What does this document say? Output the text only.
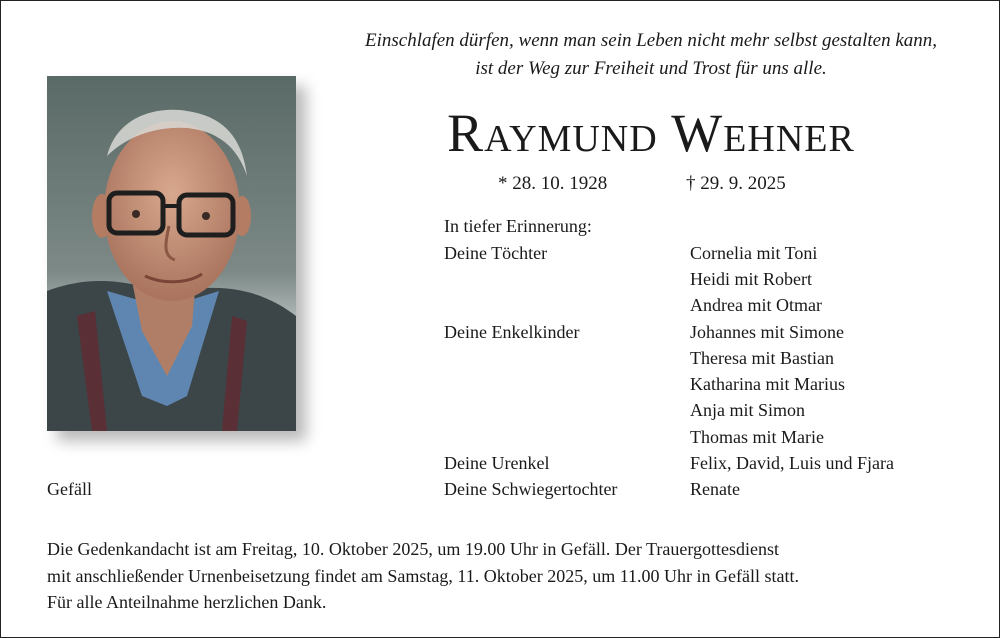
Einschlafen dürfen, wenn man sein Leben nicht mehr selbst gestalten kann,
ist der Weg zur Freiheit und Trost für uns alle.
Raymund Wehner
* 28. 10. 1928	† 29. 9. 2025
In tiefer Erinnerung:
Deine Töchter	Cornelia mit Toni
Heidi mit Robert
Andrea mit Otmar
Deine Enkelkinder	Johannes mit Simone
Theresa mit Bastian
Katharina mit Marius
Anja mit Simon
Thomas mit Marie
Deine Urenkel	Felix, David, Luis und Fjara
Deine Schwiegertochter	Renate
Gefäll
Die Gedenkandacht ist am Freitag, 10. Oktober 2025, um 19.00 Uhr in Gefäll. Der Trauergottesdienst
mit anschließender Urnenbeisetzung findet am Samstag, 11. Oktober 2025, um 11.00 Uhr in Gefäll statt.
Für alle Anteilnahme herzlichen Dank.
